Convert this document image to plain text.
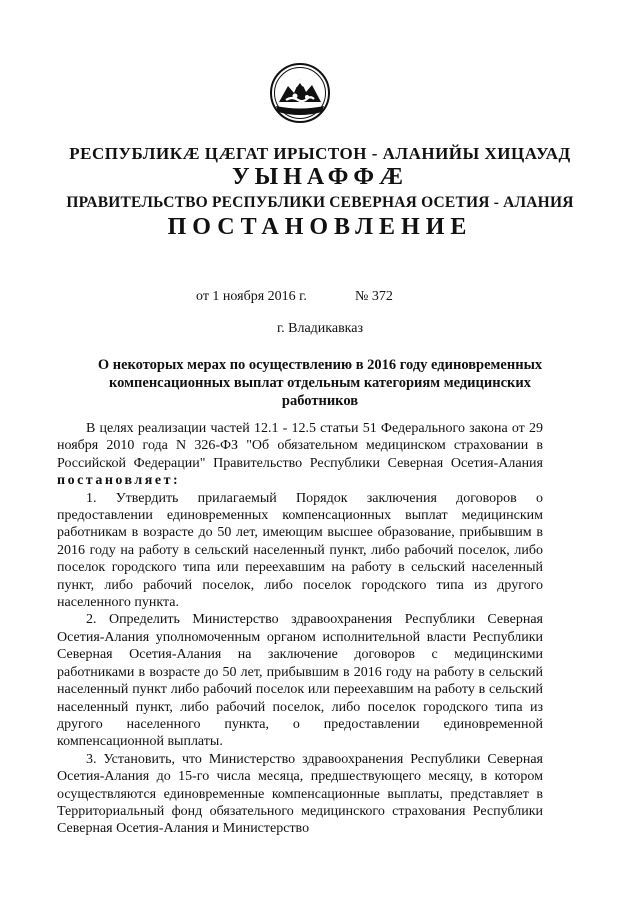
РЕСПУБЛИКÆ ЦÆГАТ ИРЫСТОН - АЛАНИЙЫ ХИЦАУАД
УЫНАФФÆ
ПРАВИТЕЛЬСТВО РЕСПУБЛИКИ СЕВЕРНАЯ ОСЕТИЯ - АЛАНИЯ
ПОСТАНОВЛЕНИЕ
от 1 ноября 2016 г.	№ 372
г. Владикавказ
О некоторых мерах по осуществлению в 2016 году единовременных компенсационных выплат отдельным категориям медицинских работников

В целях реализации частей 12.1 - 12.5 статьи 51 Федерального закона от 29 ноября 2010 года N 326-ФЗ "Об обязательном медицинском страховании в Российской Федерации" Правительство Республики Северная Осетия-Алания постановляет:

1. Утвердить прилагаемый Порядок заключения договоров о предоставлении единовременных компенсационных выплат медицинским работникам в возрасте до 50 лет, имеющим высшее образование, прибывшим в 2016 году на работу в сельский населенный пункт, либо рабочий поселок, либо поселок городского типа или переехавшим на работу в сельский населенный пункт, либо рабочий поселок, либо поселок городского типа из другого населенного пункта.

2. Определить Министерство здравоохранения Республики Северная Осетия-Алания уполномоченным органом исполнительной власти Республики Северная Осетия-Алания на заключение договоров с медицинскими работниками в возрасте до 50 лет, прибывшим в 2016 году на работу в сельский населенный пункт либо рабочий поселок или переехавшим на работу в сельский населенный пункт, либо рабочий поселок, либо поселок городского типа из другого населенного пункта, о предоставлении единовременной компенсационной выплаты.

3. Установить, что Министерство здравоохранения Республики Северная Осетия-Алания до 15-го числа месяца, предшествующего месяцу, в котором осуществляются единовременные компенсационные выплаты, представляет в Территориальный фонд обязательного медицинского страхования Республики Северная Осетия-Алания и Министерство
